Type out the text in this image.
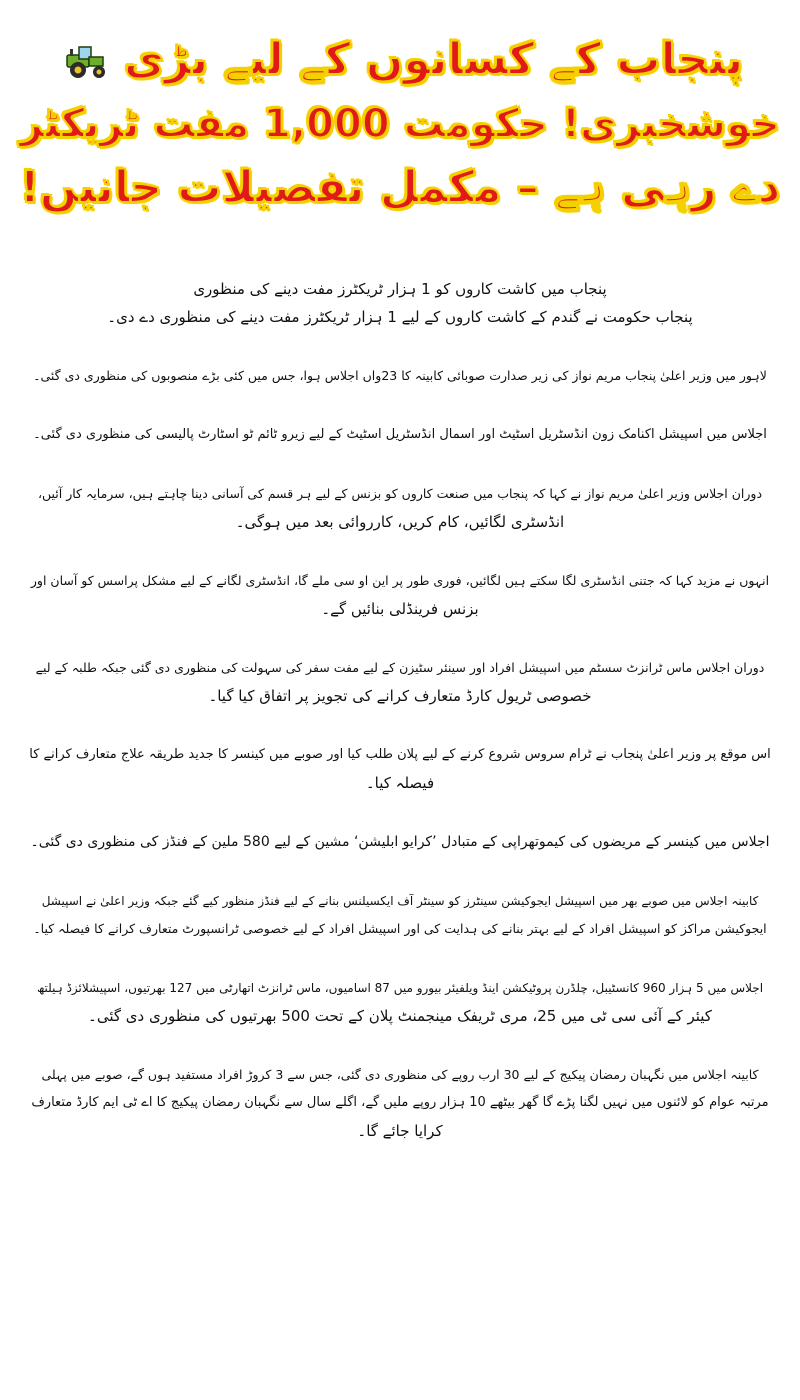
پنجاب کے کسانوں کے لیے بڑی
خوشخبری! حکومت 1,000 مفت ٹریکٹر
دے رہی ہے – مکمل تفصیلات جانیں!

پنجاب میں کاشت کاروں کو 1 ہزار ٹریکٹرز مفت دینے کی منظوری
پنجاب حکومت نے گندم کے کاشت کاروں کے لیے 1 ہزار ٹریکٹرز مفت دینے کی منظوری دے دی۔

لاہور میں وزیر اعلیٰ پنجاب مریم نواز کی زیر صدارت صوبائی کابینہ کا 23واں اجلاس ہوا، جس میں کئی بڑے منصوبوں کی منظوری دی گئی۔

اجلاس میں اسپیشل اکنامک زون انڈسٹریل اسٹیٹ اور اسمال انڈسٹریل اسٹیٹ کے لیے زیرو ٹائم ٹو اسٹارٹ پالیسی کی منظوری دی گئی۔

دوران اجلاس وزیر اعلیٰ مریم نواز نے کہا کہ پنجاب میں صنعت کاروں کو بزنس کے لیے ہر قسم کی آسانی دینا چاہتے ہیں، سرمایہ کار آئیں،
انڈسٹری لگائیں، کام کریں، کارروائی بعد میں ہوگی۔

انہوں نے مزید کہا کہ جتنی انڈسٹری لگا سکتے ہیں لگائیں، فوری طور پر این او سی ملے گا، انڈسٹری لگانے کے لیے مشکل پراسس کو آسان اور
بزنس فرینڈلی بنائیں گے۔

دوران اجلاس ماس ٹرانزٹ سسٹم میں اسپیشل افراد اور سینئر سٹیزن کے لیے مفت سفر کی سہولت کی منظوری دی گئی جبکہ طلبہ کے لیے
خصوصی ٹریول کارڈ متعارف کرانے کی تجویز پر اتفاق کیا گیا۔

اس موقع پر وزیر اعلیٰ پنجاب نے ٹرام سروس شروع کرنے کے لیے پلان طلب کیا اور صوبے میں کینسر کا جدید طریقہ علاج متعارف کرانے کا
فیصلہ کیا۔

اجلاس میں کینسر کے مریضوں کی کیموتھراپی کے متبادل ’کرایو ابلیشن‘ مشین کے لیے 580 ملین کے فنڈز کی منظوری دی گئی۔

کابینہ اجلاس میں صوبے بھر میں اسپیشل ایجوکیشن سینٹرز کو سینٹر آف ایکسیلنس بنانے کے لیے فنڈز منظور کیے گئے جبکہ وزیر اعلیٰ نے اسپیشل
ایجوکیشن مراکز کو اسپیشل افراد کے لیے بہتر بنانے کی ہدایت کی اور اسپیشل افراد کے لیے خصوصی ٹرانسپورٹ متعارف کرانے کا فیصلہ کیا۔

اجلاس میں 5 ہزار 960 کانسٹیبل، چلڈرن پروٹیکشن اینڈ ویلفیئر بیورو میں 87 اسامیوں، ماس ٹرانزٹ اتھارٹی میں 127 بھرتیوں، اسپیشلائزڈ ہیلتھ
کیئر کے آئی سی ٹی میں 25، مری ٹریفک مینجمنٹ پلان کے تحت 500 بھرتیوں کی منظوری دی گئی۔

کابینہ اجلاس میں نگہبان رمضان پیکیج کے لیے 30 ارب روپے کی منظوری دی گئی، جس سے 3 کروڑ افراد مستفید ہوں گے، صوبے میں پہلی
مرتبہ عوام کو لائنوں میں نہیں لگنا پڑے گا گھر بیٹھے 10 ہزار روپے ملیں گے، اگلے سال سے نگہبان رمضان پیکیج کا اے ٹی ایم کارڈ متعارف
کرایا جائے گا۔
